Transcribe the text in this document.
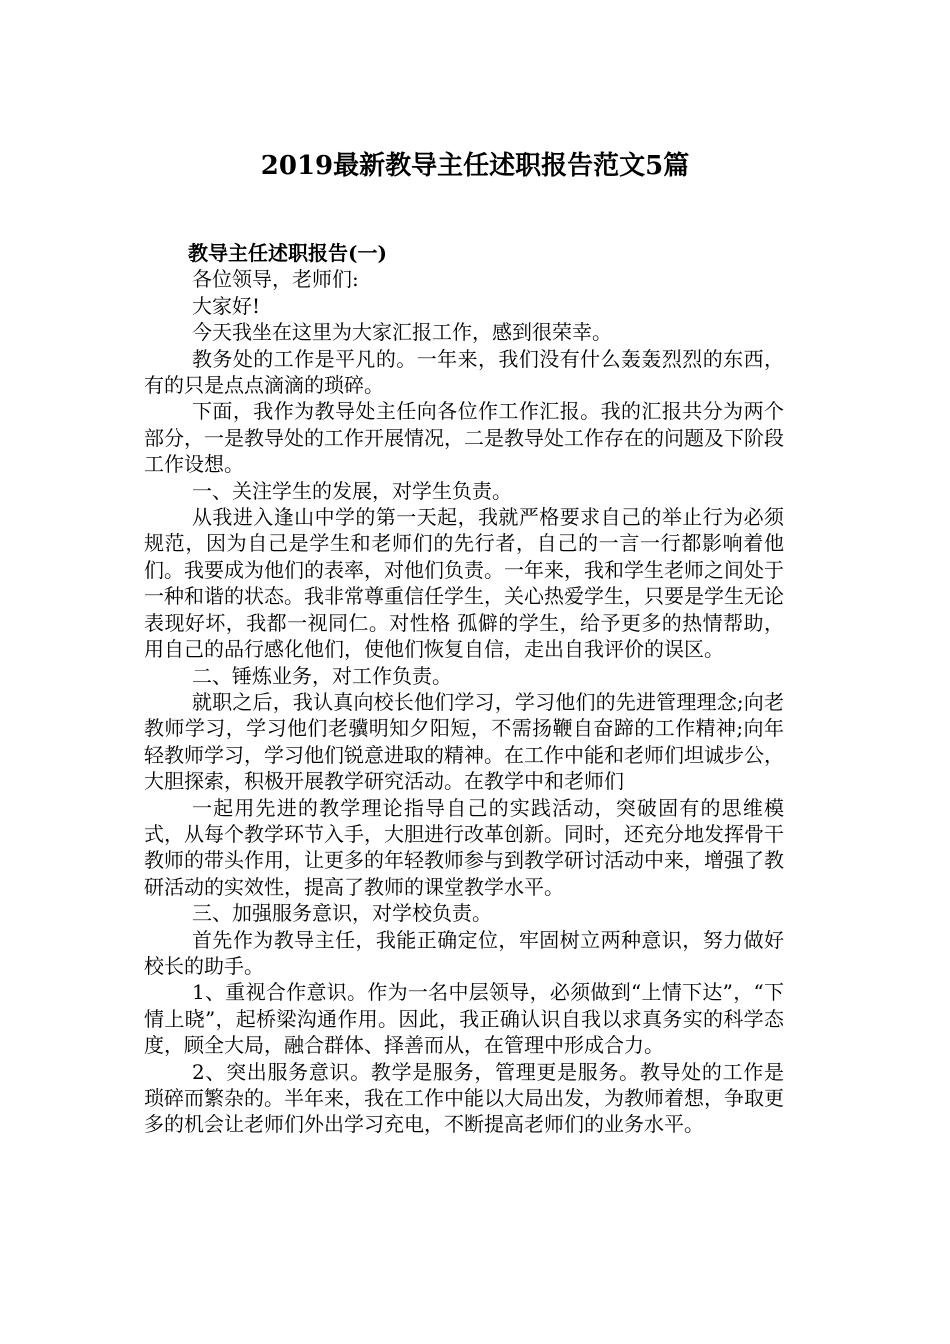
2019最新教导主任述职报告范文5篇

教导主任述职报告(一)

各位领导，老师们:

大家好!

今天我坐在这里为大家汇报工作，感到很荣幸。

教务处的工作是平凡的。一年来，我们没有什么轰轰烈烈的东西，有的只是点点滴滴的琐碎。

下面，我作为教导处主任向各位作工作汇报。我的汇报共分为两个部分，一是教导处的工作开展情况，二是教导处工作存在的问题及下阶段工作设想。

一、关注学生的发展，对学生负责。

从我进入逢山中学的第一天起，我就严格要求自己的举止行为必须规范，因为自己是学生和老师们的先行者，自己的一言一行都影响着他们。我要成为他们的表率，对他们负责。一年来，我和学生老师之间处于一种和谐的状态。我非常尊重信任学生，关心热爱学生，只要是学生无论表现好坏，我都一视同仁。对性格 孤僻的学生，给予更多的热情帮助，用自己的品行感化他们，使他们恢复自信，走出自我评价的误区。

二、锤炼业务，对工作负责。

就职之后，我认真向校长他们学习，学习他们的先进管理理念;向老教师学习，学习他们老骥明知夕阳短，不需扬鞭自奋蹄的工作精神;向年轻教师学习，学习他们锐意进取的精神。在工作中能和老师们坦诚步公，大胆探索，积极开展教学研究活动。在教学中和老师们

一起用先进的教学理论指导自己的实践活动，突破固有的思维模式，从每个教学环节入手，大胆进行改革创新。同时，还充分地发挥骨干教师的带头作用，让更多的年轻教师参与到教学研讨活动中来，增强了教研活动的实效性，提高了教师的课堂教学水平。

三、加强服务意识，对学校负责。

首先作为教导主任，我能正确定位，牢固树立两种意识，努力做好校长的助手。

1、重视合作意识。作为一名中层领导，必须做到“上情下达”，“下情上晓”，起桥梁沟通作用。因此，我正确认识自我以求真务实的科学态度，顾全大局，融合群体、择善而从，在管理中形成合力。

2、突出服务意识。教学是服务，管理更是服务。教导处的工作是琐碎而繁杂的。半年来，我在工作中能以大局出发，为教师着想，争取更多的机会让老师们外出学习充电，不断提高老师们的业务水平。
